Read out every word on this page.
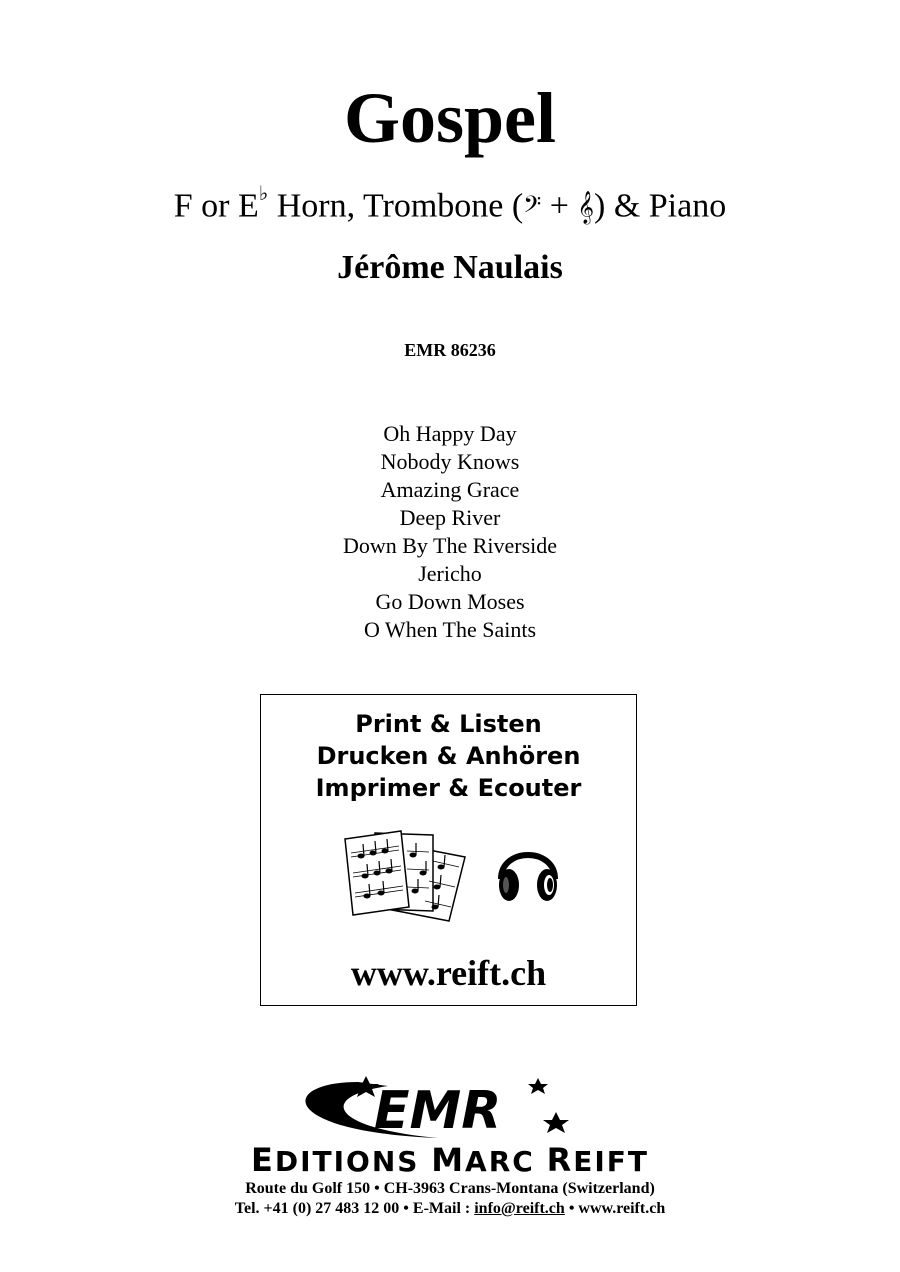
Gospel
F or E♭ Horn, Trombone (𝄢 + 𝄞) & Piano
Jérôme Naulais
EMR 86236
Oh Happy Day
Nobody Knows
Amazing Grace
Deep River
Down By The Riverside
Jericho
Go Down Moses
O When The Saints
Print & Listen
Drucken & Anhören
Imprimer & Ecouter
www.reift.ch
EMR
EDITIONS MARC REIFT
Route du Golf 150 • CH-3963 Crans-Montana (Switzerland)
Tel. +41 (0) 27 483 12 00 • E-Mail : info@reift.ch • www.reift.ch
